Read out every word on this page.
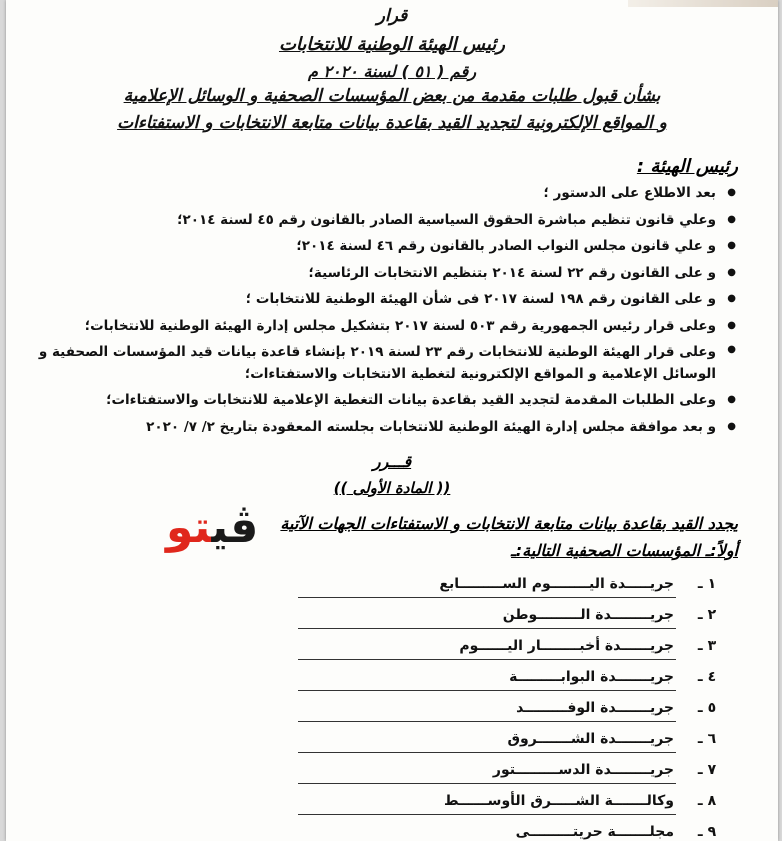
قرار
رئيس الهيئة الوطنية للانتخابات
رقم ( ٥١ ) لسنة ٢٠٢٠ م
بشأن قبول طلبات مقدمة من بعض المؤسسات الصحفية و الوسائل الإعلامية
و المواقع الإلكترونية لتجديد القيد بقاعدة بيانات متابعة الانتخابات و الاستفتاءات
رئيس الهيئة :
● بعد الاطلاع على الدستور ؛
● وعلي قانون تنظيم مباشرة الحقوق السياسية الصادر بالقانون رقم ٤٥ لسنة ٢٠١٤؛
● و علي قانون مجلس النواب الصادر بالقانون رقم ٤٦ لسنة ٢٠١٤؛
● و على القانون رقم ٢٢ لسنة ٢٠١٤ بتنظيم الانتخابات الرئاسية؛
● و على القانون رقم ١٩٨ لسنة ٢٠١٧ فى شأن الهيئة الوطنية للانتخابات ؛
● وعلى قرار رئيس الجمهورية رقم ٥٠٣ لسنة ٢٠١٧ بتشكيل مجلس إدارة الهيئة الوطنية للانتخابات؛
● وعلى قرار الهيئة الوطنية للانتخابات رقم ٢٣ لسنة ٢٠١٩ بإنشاء قاعدة بيانات قيد المؤسسات الصحفية و الوسائل الإعلامية و المواقع الإلكترونية لتغطية الانتخابات والاستفتاءات؛
● وعلى الطلبات المقدمة لتجديد القيد بقاعدة بيانات التغطية الإعلامية للانتخابات والاستفتاءات؛
● و بعد موافقة مجلس إدارة الهيئة الوطنية للانتخابات بجلسته المعقودة بتاريخ ٢/ ٧/ ٢٠٢٠
قـــرر
(( المادة الأولى ))
يجدد القيد بقاعدة بيانات متابعة الانتخابات و الاستفتاءات الجهات الآتية
أولاً:ـ المؤسسات الصحفية التالية:ـ
١ ـ
جريـــــدة اليــــــــوم الســـــــــابع
٢ ـ
جريــــــــدة الـــــــــوطن
٣ ـ
جريــــــدة أخبــــــــار اليــــــوم
٤ ـ
جريـــــــدة البوابـــــــــة
٥ ـ
جريـــــــدة الوفـــــــــد
٦ ـ
جريـــــــدة الشـــــــروق
٧ ـ
جريــــــــدة الدســـــــــتور
٨ ـ
وكالـــــــة الشـــــرق الأوســــــط
٩ ـ
مجلـــــــة حريتـــــــــى
ڤيتو
